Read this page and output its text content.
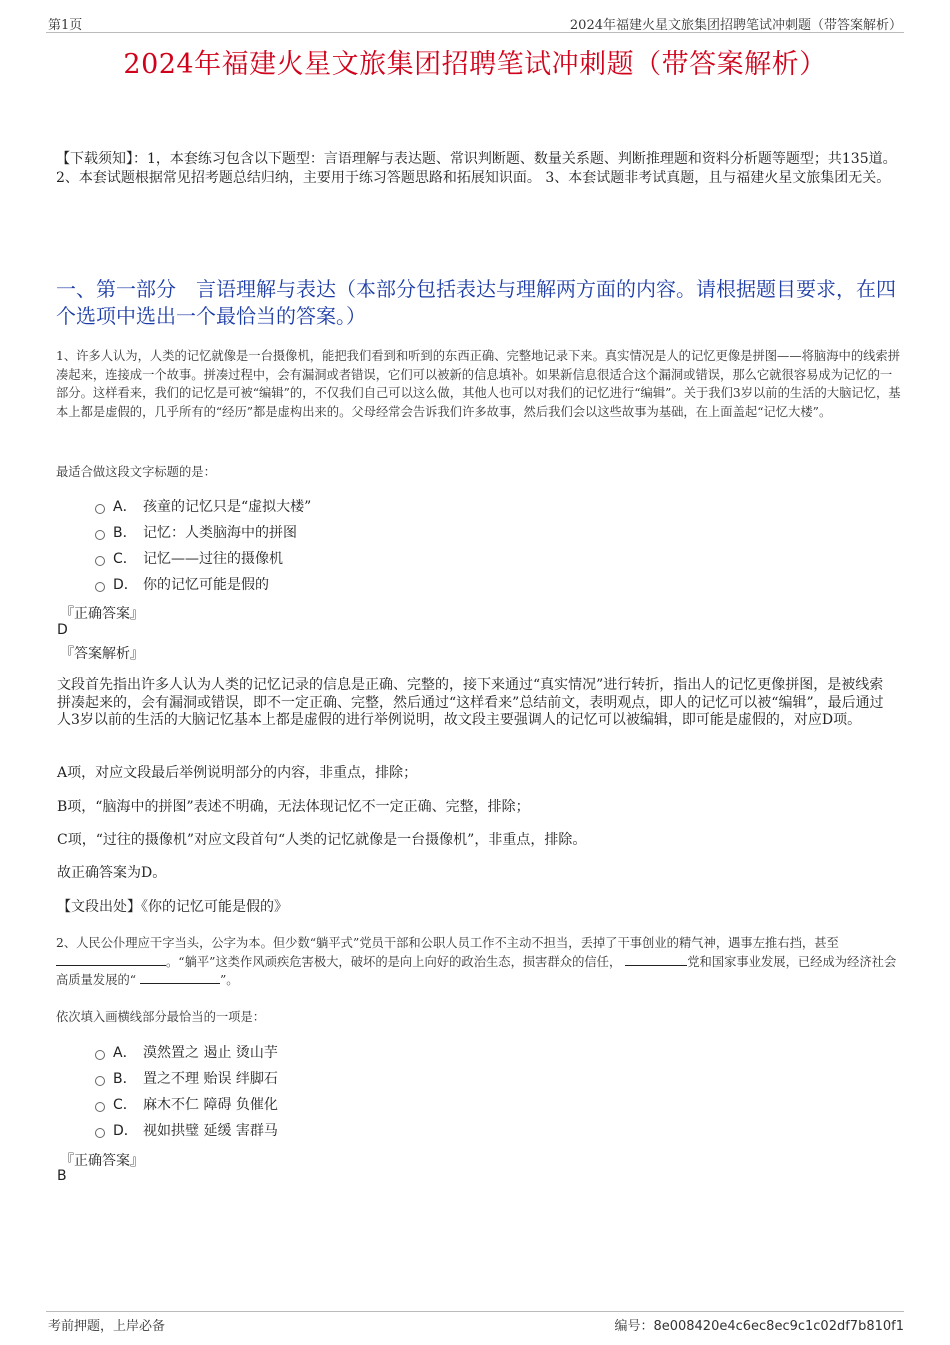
第1页	2024年福建火星文旅集团招聘笔试冲刺题（带答案解析）
2024年福建火星文旅集团招聘笔试冲刺题（带答案解析）
【下载须知】：1，本套练习包含以下题型：言语理解与表达题、常识判断题、数量关系题、判断推理题和资料分析题等题型；共135道。 2、本套试题根据常见招考题总结归纳，主要用于练习答题思路和拓展知识面。 3、本套试题非考试真题，且与福建火星文旅集团无关。
一、第一部分　言语理解与表达（本部分包括表达与理解两方面的内容。请根据题目要求，在四个选项中选出一个最恰当的答案。）
1、许多人认为，人类的记忆就像是一台摄像机，能把我们看到和听到的东西正确、完整地记录下来。真实情况是人的记忆更像是拼图——将脑海中的线索拼凑起来，连接成一个故事。拼凑过程中，会有漏洞或者错误，它们可以被新的信息填补。如果新信息很适合这个漏洞或错误，那么它就很容易成为记忆的一部分。这样看来，我们的记忆是可被“编辑”的，不仅我们自己可以这么做，其他人也可以对我们的记忆进行“编辑”。关于我们3岁以前的生活的大脑记忆，基本上都是虚假的，几乎所有的“经历”都是虚构出来的。父母经常会告诉我们许多故事，然后我们会以这些故事为基础，在上面盖起“记忆大楼”。
最适合做这段文字标题的是：
A． 孩童的记忆只是“虚拟大楼”
B． 记忆：人类脑海中的拼图
C． 记忆——过往的摄像机
D． 你的记忆可能是假的
『正确答案』
D
『答案解析』
文段首先指出许多人认为人类的记忆记录的信息是正确、完整的，接下来通过“真实情况”进行转折，指出人的记忆更像拼图，是被线索拼凑起来的，会有漏洞或错误，即不一定正确、完整，然后通过“这样看来”总结前文，表明观点，即人的记忆可以被“编辑”，最后通过人3岁以前的生活的大脑记忆基本上都是虚假的进行举例说明，故文段主要强调人的记忆可以被编辑，即可能是虚假的，对应D项。
A项，对应文段最后举例说明部分的内容，非重点，排除；
B项，“脑海中的拼图”表述不明确，无法体现记忆不一定正确、完整，排除；
C项，“过往的摄像机”对应文段首句“人类的记忆就像是一台摄像机”，非重点，排除。
故正确答案为D。
【文段出处】《你的记忆可能是假的》
2、人民公仆理应干字当头，公字为本。但少数“躺平式”党员干部和公职人员工作不主动不担当，丢掉了干事创业的精气神，遇事左推右挡，甚至 。“躺平”这类作风顽疾危害极大，破坏的是向上向好的政治生态，损害群众的信任，	党和国家事业发展，已经成为经济社会高质量发展的“	”。
依次填入画横线部分最恰当的一项是：
A． 漠然置之 遏止 烫山芋
B． 置之不理 贻误 绊脚石
C． 麻木不仁 障碍 负催化
D． 视如拱璧 延缓 害群马
『正确答案』
B
考前押题，上岸必备	编号：8e008420e4c6ec8ec9c1c02df7b810f1
